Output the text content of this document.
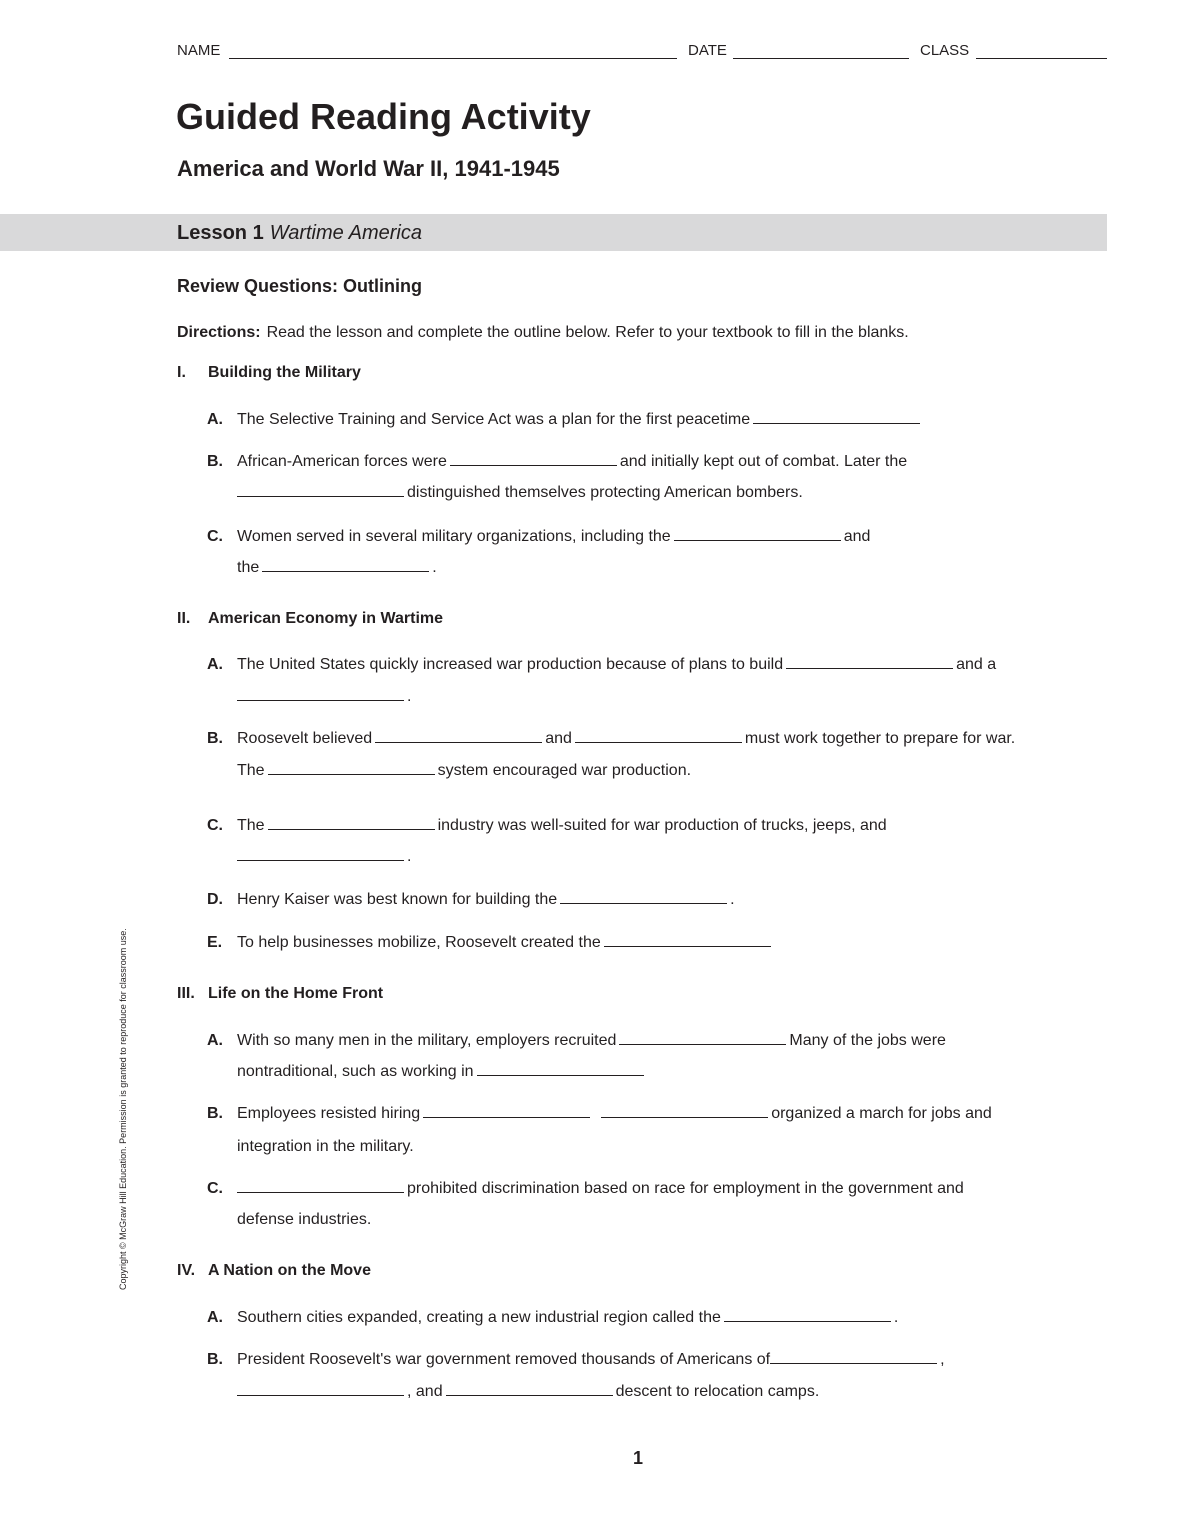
NAME	DATE	CLASS
Guided Reading Activity
America and World War II, 1941-1945
Lesson 1 Wartime America
Review Questions: Outlining
Directions: Read the lesson and complete the outline below. Refer to your textbook to fill in the blanks.
I. Building the Military
A. The Selective Training and Service Act was a plan for the first peacetime
B. African-American forces were	and initially kept out of combat. Later the
distinguished themselves protecting American bombers.
C. Women served in several military organizations, including the	and
the	.
II. American Economy in Wartime
A. The United States quickly increased war production because of plans to build	and a
.
B. Roosevelt believed	and	must work together to prepare for war.
The	system encouraged war production.
C. The	industry was well-suited for war production of trucks, jeeps, and
.
D. Henry Kaiser was best known for building the	.
E. To help businesses mobilize, Roosevelt created the
III. Life on the Home Front
A. With so many men in the military, employers recruited	Many of the jobs were
nontraditional, such as working in
B. Employees resisted hiring	organized a march for jobs and
integration in the military.
C.	prohibited discrimination based on race for employment in the government and
defense industries.
IV. A Nation on the Move
A. Southern cities expanded, creating a new industrial region called the	.
B. President Roosevelt's war government removed thousands of Americans of	,
, and	descent to relocation camps.
Copyright © McGraw Hill Education. Permission is granted to reproduce for classroom use.
1
